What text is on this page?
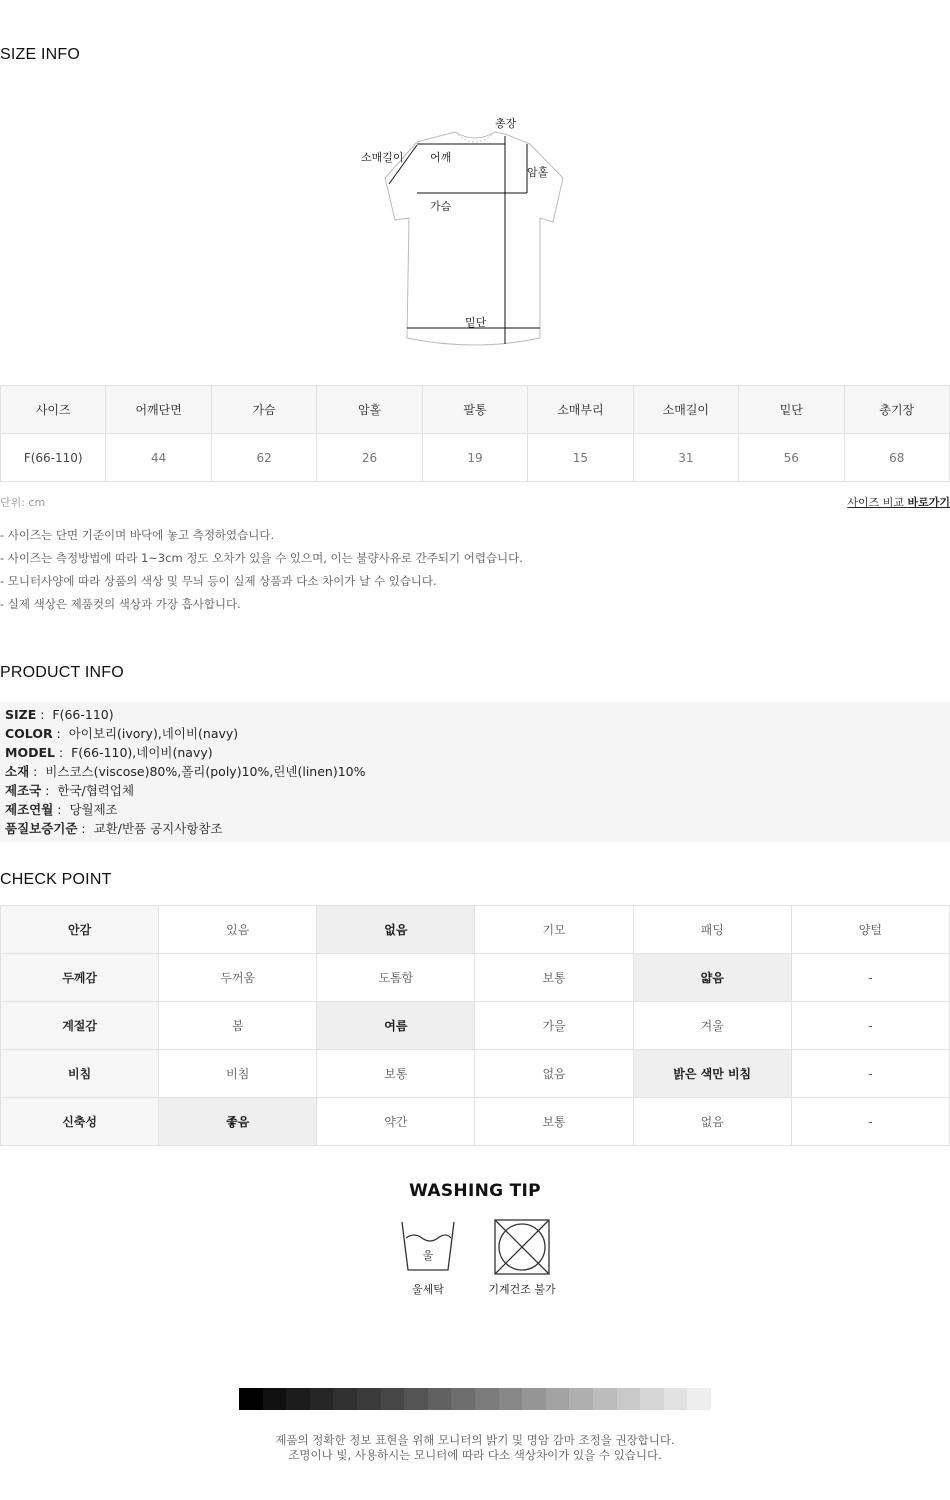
SIZE INFO
총장
소매길이 어깨
암홀
가슴
밑단
사이즈	어깨단면	가슴	암홀	팔통	소매부리	소매길이	밑단	총기장
F(66-110)	44	62	26	19	15	31	56	68
단위: cm	사이즈 비교 바로가기
- 사이즈는 단면 기준이며 바닥에 놓고 측정하였습니다.
- 사이즈는 측정방법에 따라 1~3cm 정도 오차가 있을 수 있으며, 이는 불량사유로 간주되기 어렵습니다.
- 모니터사양에 따라 상품의 색상 및 무늬 등이 실제 상품과 다소 차이가 날 수 있습니다.
- 실제 색상은 제품컷의 색상과 가장 흡사합니다.
PRODUCT INFO
SIZE :  F(66-110)
COLOR :  아이보리(ivory),네이비(navy)
MODEL :  F(66-110),네이비(navy)
소재 :  비스코스(viscose)80%,폴리(poly)10%,린넨(linen)10%
제조국 :  한국/협력업체
제조연월 :  당월제조
품질보증기준 :  교환/반품 공지사항참조
CHECK POINT
안감	있음	없음	기모	패딩	양털
두께감	두꺼움	도톰함	보통	얇음	-
계절감	봄	여름	가을	겨울	-
비침	비침	보통	없음	밝은 색만 비침	-
신축성	좋음	약간	보통	없음	-
WASHING TIP
울
울세탁	기계건조 불가
제품의 정확한 정보 표현을 위해 모니터의 밝기 및 명암 감마 조정을 권장합니다.
조명이나 빛, 사용하시는 모니터에 따라 다소 색상차이가 있을 수 있습니다.
